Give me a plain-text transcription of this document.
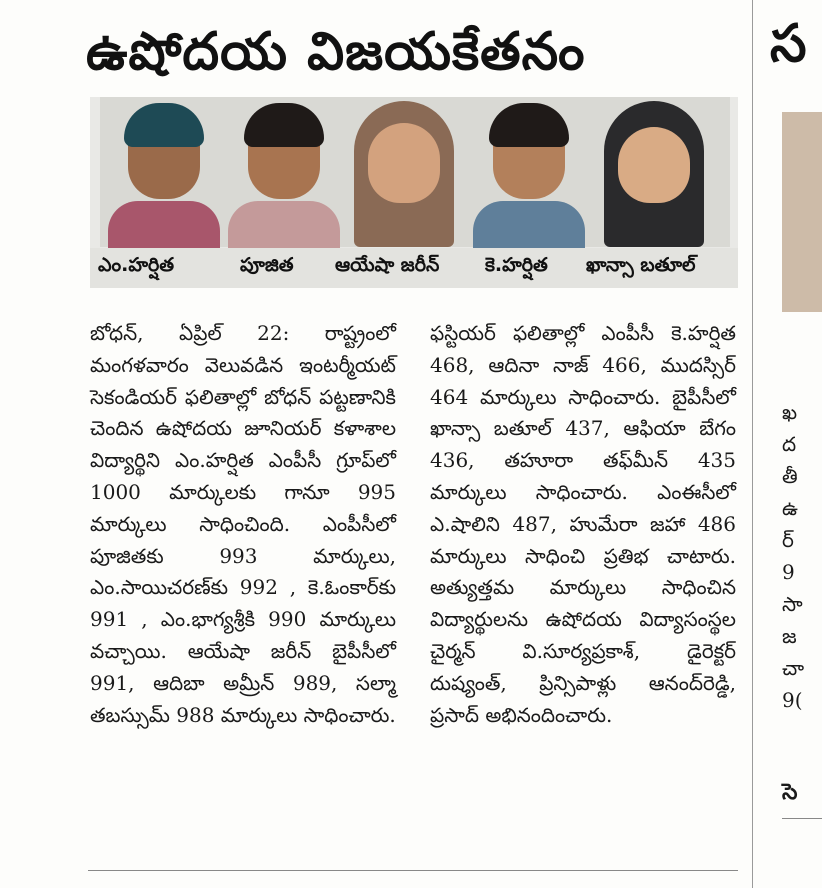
ఉషోదయ విజయకేతనం
ఎం.హర్షిత	పూజిత ఆయేషా జరీన్ కె.హర్షిత ఖాన్సా బతూల్

బోధన్, ఏప్రిల్ 22: రాష్ట్రంలో మంగళవారం వెలువడిన ఇంటర్మీయట్ సెకండియర్ ఫలితాల్లో బోధన్ పట్టణానికి చెందిన ఉషోదయ జూనియర్ కళాశాల విద్యార్థిని ఎం.హర్షిత ఎంపీసీ గ్రూప్‌లో 1000 మార్కులకు గానూ 995 మార్కులు సాధించింది. ఎంపీసీలో పూజితకు 993 మార్కులు, ఎం.సాయిచరణ్‌కు 992 , కె.ఓంకార్‌కు 991 , ఎం.భాగ్యశ్రీకి 990 మార్కులు వచ్చాయి. ఆయేషా జరీన్ బైపీసీలో 991, ఆదిబా అమ్రీన్ 989, సల్మా తబస్సుమ్ 988 మార్కులు సాధించారు.

ఫస్టియర్ ఫలితాల్లో ఎంపీసీ కె.హర్షిత 468, ఆదినా నాజ్ 466, ముదస్సిర్ 464 మార్కులు సాధించారు. బైపీసీలో ఖాన్సా బతూల్ 437, ఆఫియా బేగం 436, తహూరా తఫ్‌మీన్ 435 మార్కులు సాధించారు. ఎంఈసీలో ఎ.షాలిని 487, హుమేరా జహా 486 మార్కులు సాధించి ప్రతిభ చాటారు. అత్యుత్తమ మార్కులు సాధించిన విద్యార్థులను ఉషోదయ విద్యాసంస్థల చైర్మన్ వి.సూర్యప్రకాశ్, డైరెక్టర్ దుష్యంత్, ప్రిన్సిపాళ్లు ఆనంద్‌రెడ్డి, ప్రసాద్ అభినందించారు.

స
ఖ
ద
తీ
ఉ
ర్
9
సా
జ
చా
9(
సె
